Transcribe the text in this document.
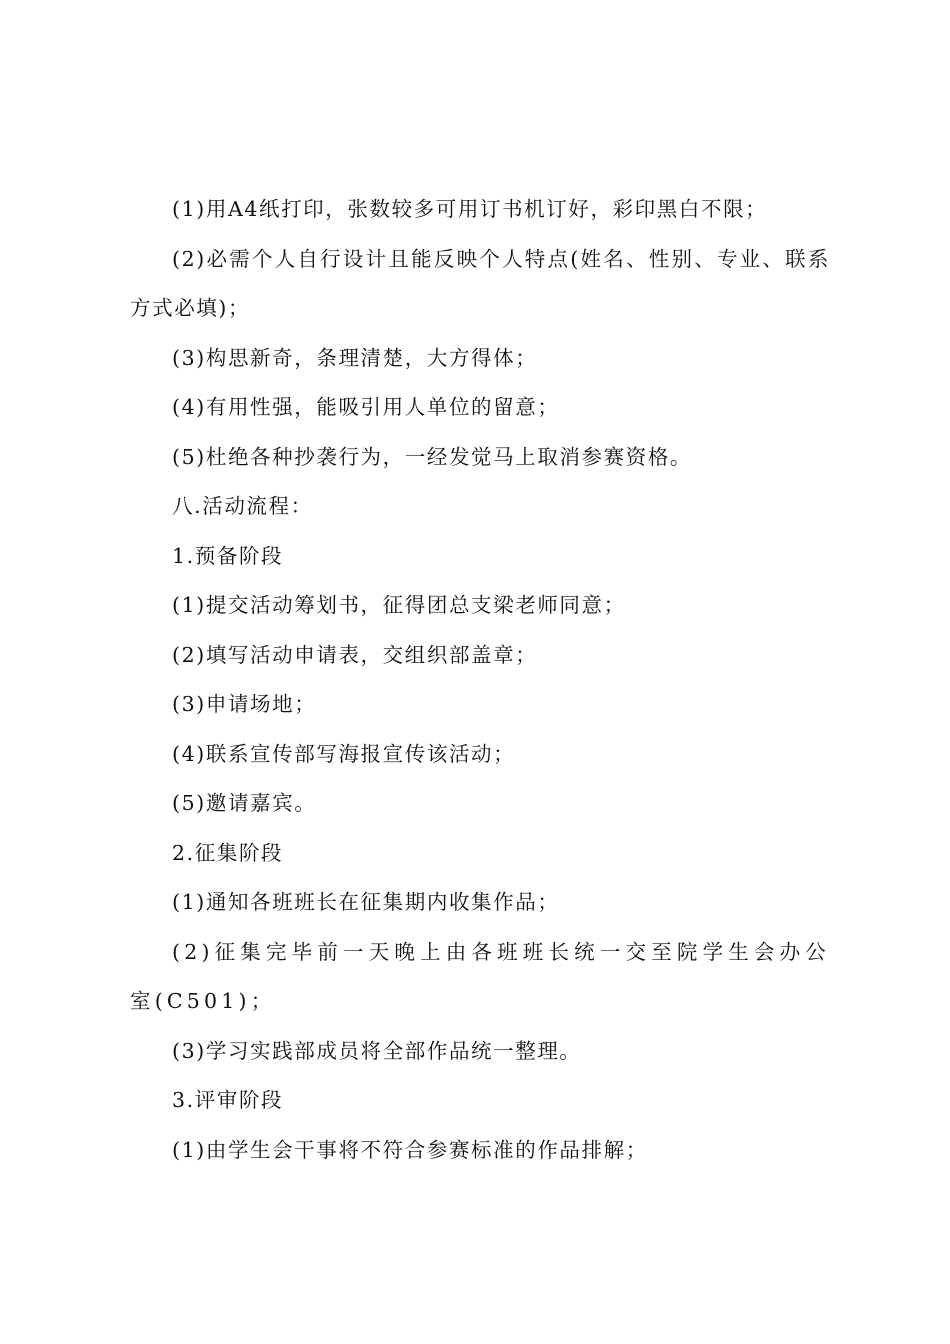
(1)用A4纸打印，张数较多可用订书机订好，彩印黑白不限；

(2)必需个人自行设计且能反映个人特点(姓名、性别、专业、联系方式必填)；

(3)构思新奇，条理清楚，大方得体；

(4)有用性强，能吸引用人单位的留意；

(5)杜绝各种抄袭行为，一经发觉马上取消参赛资格。

八.活动流程：

1.预备阶段

(1)提交活动筹划书，征得团总支梁老师同意；

(2)填写活动申请表，交组织部盖章；

(3)申请场地；

(4)联系宣传部写海报宣传该活动；

(5)邀请嘉宾。

2.征集阶段

(1)通知各班班长在征集期内收集作品；

(2)征集完毕前一天晚上由各班班长统一交至院学生会办公室(C501)；

(3)学习实践部成员将全部作品统一整理。

3.评审阶段

(1)由学生会干事将不符合参赛标准的作品排解；
